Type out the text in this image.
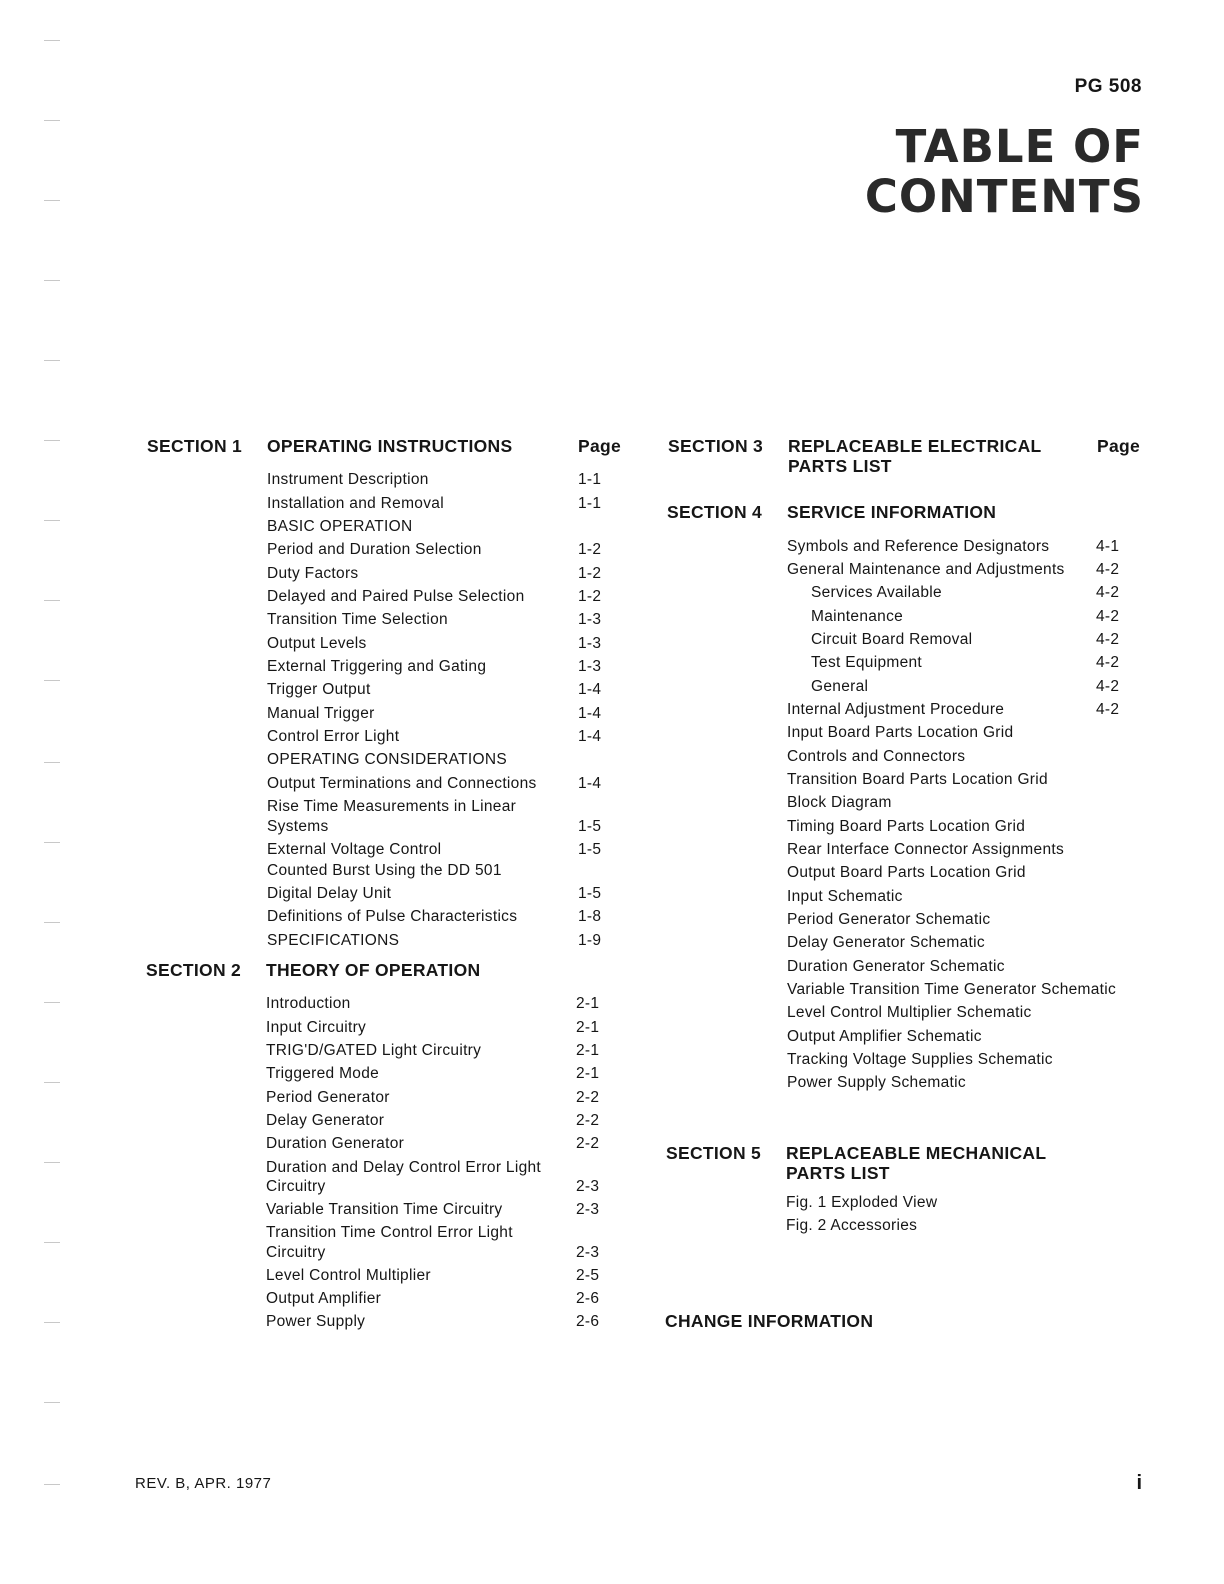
PG 508
TABLE OF
CONTENTS
SECTION 1 OPERATING INSTRUCTIONS	Page
Instrument Description	1-1
Installation and Removal	1-1
BASIC OPERATION
Period and Duration Selection	1-2
Duty Factors	1-2
Delayed and Paired Pulse Selection	1-2
Transition Time Selection	1-3
Output Levels	1-3
External Triggering and Gating	1-3
Trigger Output	1-4
Manual Trigger	1-4
Control Error Light	1-4
OPERATING CONSIDERATIONS
Output Terminations and Connections	1-4
Rise Time Measurements in Linear
Systems	1-5
External Voltage Control	1-5
Counted Burst Using the DD 501
Digital Delay Unit	1-5
Definitions of Pulse Characteristics	1-8
SPECIFICATIONS	1-9
SECTION 2 THEORY OF OPERATION
Introduction	2-1
Input Circuitry	2-1
TRIG'D/GATED Light Circuitry	2-1
Triggered Mode	2-1
Period Generator	2-2
Delay Generator	2-2
Duration Generator	2-2
Duration and Delay Control Error Light
Circuitry	2-3
Variable Transition Time Circuitry	2-3
Transition Time Control Error Light
Circuitry	2-3
Level Control Multiplier	2-5
Output Amplifier	2-6
Power Supply	2-6
SECTION 3 REPLACEABLE ELECTRICAL
PARTS LIST
Page
SECTION 4 SERVICE INFORMATION
Symbols and Reference Designators	4-1
General Maintenance and Adjustments 4-2
Services Available	4-2
Maintenance	4-2
Circuit Board Removal	4-2
Test Equipment	4-2
General	4-2
Internal Adjustment Procedure	4-2
Input Board Parts Location Grid
Controls and Connectors
Transition Board Parts Location Grid
Block Diagram
Timing Board Parts Location Grid
Rear Interface Connector Assignments
Output Board Parts Location Grid
Input Schematic
Period Generator Schematic
Delay Generator Schematic
Duration Generator Schematic
Variable Transition Time Generator Schematic
Level Control Multiplier Schematic
Output Amplifier Schematic
Tracking Voltage Supplies Schematic
Power Supply Schematic
SECTION 5 REPLACEABLE MECHANICAL
PARTS LIST
Fig. 1 Exploded View
Fig. 2 Accessories
CHANGE INFORMATION
REV. B, APR. 1977	i
